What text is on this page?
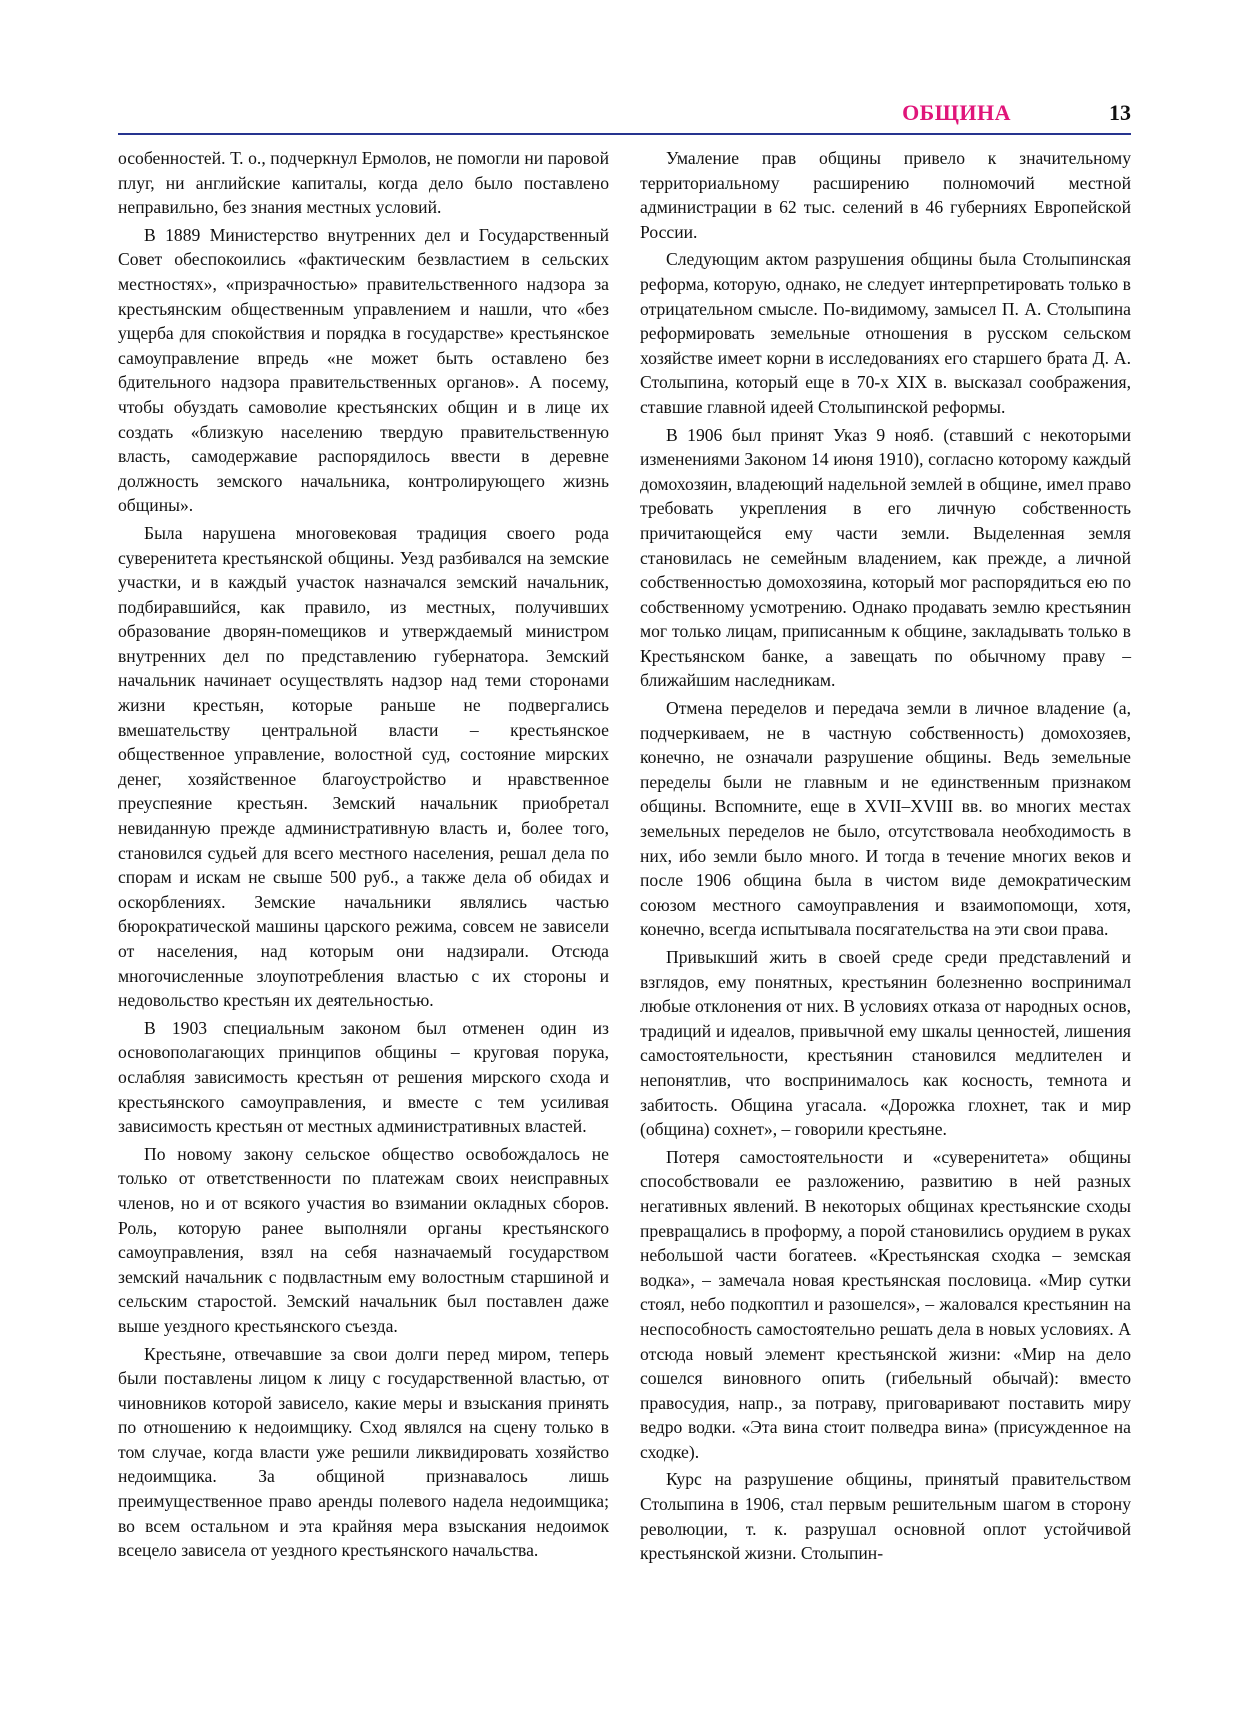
ОБЩИНА	13

особенностей. Т. о., подчеркнул Ермолов, не помогли ни паровой плуг, ни английские капиталы, когда дело было поставлено неправильно, без знания местных условий.

В 1889 Министерство внутренних дел и Государственный Совет обеспокоились «фактическим безвластием в сельских местностях», «призрачностью» правительственного надзора за крестьянским общественным управлением и нашли, что «без ущерба для спокойствия и порядка в государстве» крестьянское самоуправление впредь «не может быть оставлено без бдительного надзора правительственных органов». А посему, чтобы обуздать самоволие крестьянских общин и в лице их создать «близкую населению твердую правительственную власть, самодержавие распорядилось ввести в деревне должность земского начальника, контролирующего жизнь общины».

Была нарушена многовековая традиция своего рода суверенитета крестьянской общины. Уезд разбивался на земские участки, и в каждый участок назначался земский начальник, подбиравшийся, как правило, из местных, получивших образование дворян-помещиков и утверждаемый министром внутренних дел по представлению губернатора. Земский начальник начинает осуществлять надзор над теми сторонами жизни крестьян, которые раньше не подвергались вмешательству центральной власти – крестьянское общественное управление, волостной суд, состояние мирских денег, хозяйственное благоустройство и нравственное преуспеяние крестьян. Земский начальник приобретал невиданную прежде административную власть и, более того, становился судьей для всего местного населения, решал дела по спорам и искам не свыше 500 руб., а также дела об обидах и оскорблениях. Земские начальники являлись частью бюрократической машины царского режима, совсем не зависели от населения, над которым они надзирали. Отсюда многочисленные злоупотребления властью с их стороны и недовольство крестьян их деятельностью.

В 1903 специальным законом был отменен один из основополагающих принципов общины – круговая порука, ослабляя зависимость крестьян от решения мирского схода и крестьянского самоуправления, и вместе с тем усиливая зависимость крестьян от местных административных властей.

По новому закону сельское общество освобождалось не только от ответственности по платежам своих неисправных членов, но и от всякого участия во взимании окладных сборов. Роль, которую ранее выполняли органы крестьянского самоуправления, взял на себя назначаемый государством земский начальник с подвластным ему волостным старшиной и сельским старостой. Земский начальник был поставлен даже выше уездного крестьянского съезда.

Крестьяне, отвечавшие за свои долги перед миром, теперь были поставлены лицом к лицу с государственной властью, от чиновников которой зависело, какие меры и взыскания принять по отношению к недоимщику. Сход являлся на сцену только в том случае, когда власти уже решили ликвидировать хозяйство недоимщика. За общиной признавалось лишь преимущественное право аренды полевого надела недоимщика; во всем остальном и эта крайняя мера взыскания недоимок всецело зависела от уездного крестьянского начальства.

Умаление прав общины привело к значительному территориальному расширению полномочий местной администрации в 62 тыс. селений в 46 губерниях Европейской России.

Следующим актом разрушения общины была Столыпинская реформа, которую, однако, не следует интерпретировать только в отрицательном смысле. По-видимому, замысел П. А. Столыпина реформировать земельные отношения в русском сельском хозяйстве имеет корни в исследованиях его старшего брата Д. А. Столыпина, который еще в 70-х XIX в. высказал соображения, ставшие главной идеей Столыпинской реформы.

В 1906 был принят Указ 9 нояб. (ставший с некоторыми изменениями Законом 14 июня 1910), согласно которому каждый домохозяин, владеющий надельной землей в общине, имел право требовать укрепления в его личную собственность причитающейся ему части земли. Выделенная земля становилась не семейным владением, как прежде, а личной собственностью домохозяина, который мог распорядиться ею по собственному усмотрению. Однако продавать землю крестьянин мог только лицам, приписанным к общине, закладывать только в Крестьянском банке, а завещать по обычному праву – ближайшим наследникам.

Отмена переделов и передача земли в личное владение (а, подчеркиваем, не в частную собственность) домохозяев, конечно, не означали разрушение общины. Ведь земельные переделы были не главным и не единственным признаком общины. Вспомните, еще в XVII–XVIII вв. во многих местах земельных переделов не было, отсутствовала необходимость в них, ибо земли было много. И тогда в течение многих веков и после 1906 община была в чистом виде демократическим союзом местного самоуправления и взаимопомощи, хотя, конечно, всегда испытывала посягательства на эти свои права.

Привыкший жить в своей среде среди представлений и взглядов, ему понятных, крестьянин болезненно воспринимал любые отклонения от них. В условиях отказа от народных основ, традиций и идеалов, привычной ему шкалы ценностей, лишения самостоятельности, крестьянин становился медлителен и непонятлив, что воспринималось как косность, темнота и забитость. Община угасала. «Дорожка глохнет, так и мир (община) сохнет», – говорили крестьяне.

Потеря самостоятельности и «суверенитета» общины способствовали ее разложению, развитию в ней разных негативных явлений. В некоторых общинах крестьянские сходы превращались в проформу, а порой становились орудием в руках небольшой части богатеев. «Крестьянская сходка – земская водка», – замечала новая крестьянская пословица. «Мир сутки стоял, небо подкоптил и разошелся», – жаловался крестьянин на неспособность самостоятельно решать дела в новых условиях. А отсюда новый элемент крестьянской жизни: «Мир на дело сошелся виновного опить (гибельный обычай): вместо правосудия, напр., за потраву, приговаривают поставить миру ведро водки. «Эта вина стоит полведра вина» (присужденное на сходке).

Курс на разрушение общины, принятый правительством Столыпина в 1906, стал первым решительным шагом в сторону революции, т. к. разрушал основной оплот устойчивой крестьянской жизни. Столыпин-
